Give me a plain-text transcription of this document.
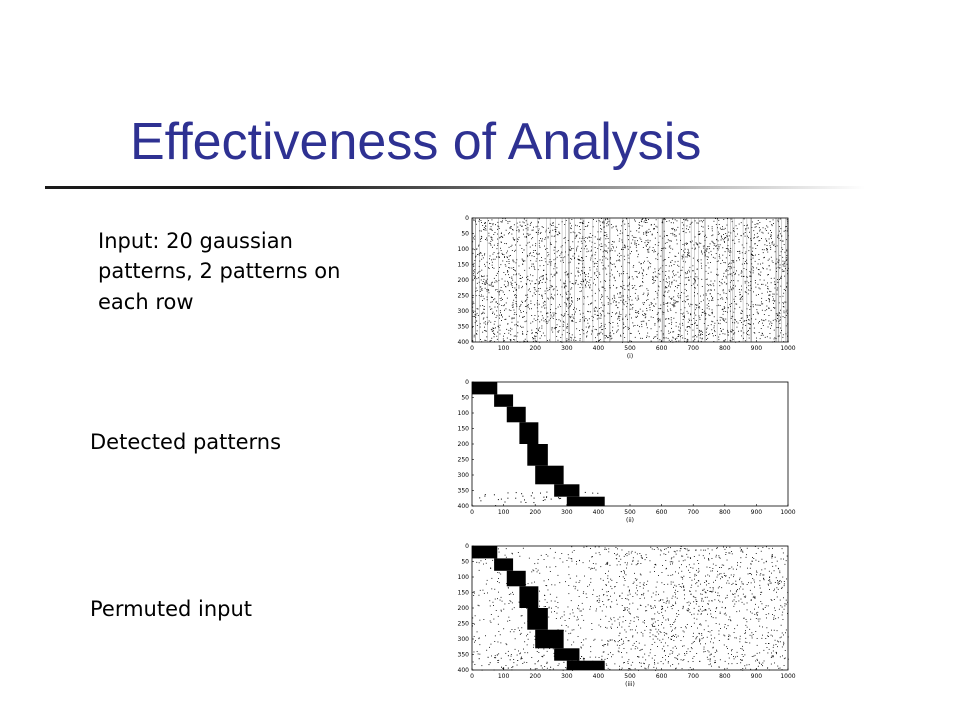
Effectiveness of Analysis
Input: 20 gaussian patterns, 2 patterns on each row
Detected patterns
Permuted input
0	100	200	300	400	500	600	700	800	900	1000
0
50
100
150
200
250
300
350
400
(i)
0	100	200	300	400	500	600	700	800	900	1000
0
50
100
150
200
250
300
350
400
(ii)
0	100	200	300	400	500	600	700	800	900	1000
0
50
100
150
200
250
300
350
400
(iii)
